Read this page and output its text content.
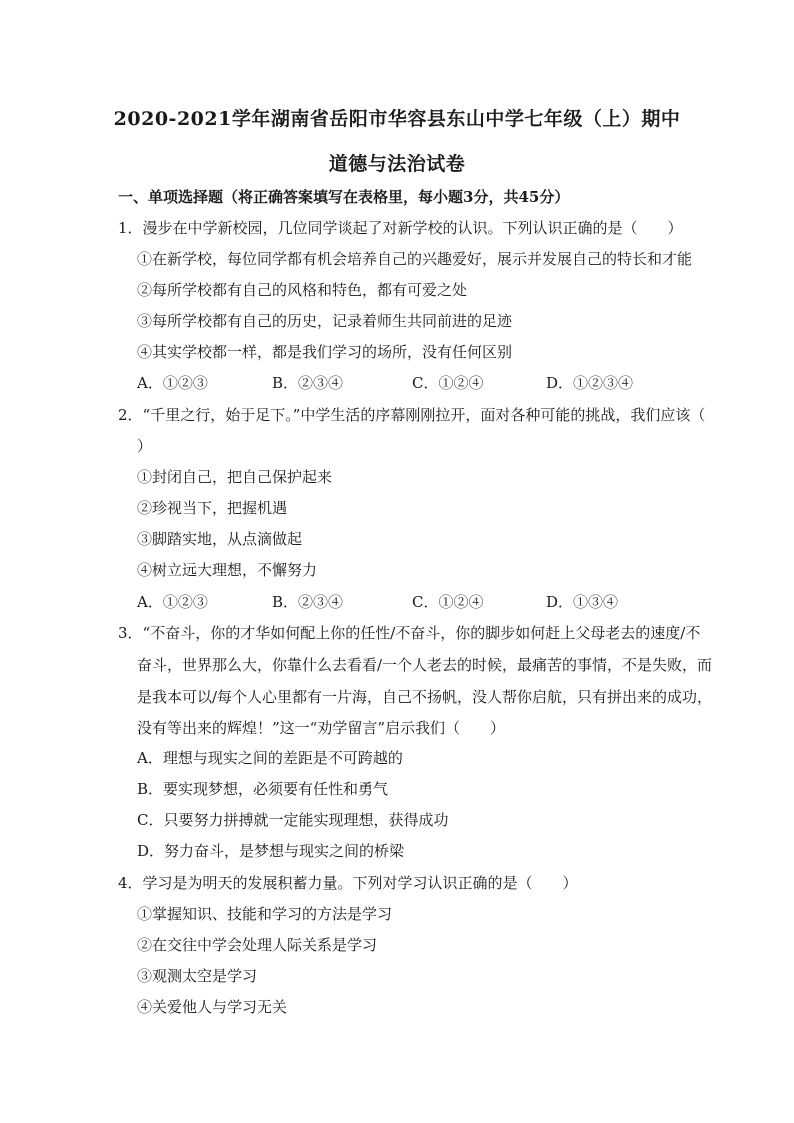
2020-2021学年湖南省岳阳市华容县东山中学七年级（上）期中
道德与法治试卷
一、单项选择题（将正确答案填写在表格里，每小题3分，共45分）
1．漫步在中学新校园，几位同学谈起了对新学校的认识。下列认识正确的是（　　）
①在新学校，每位同学都有机会培养自己的兴趣爱好，展示并发展自己的特长和才能
②每所学校都有自己的风格和特色，都有可爱之处
③每所学校都有自己的历史，记录着师生共同前进的足迹
④其实学校都一样，都是我们学习的场所，没有任何区别
A．①②③	B．②③④	C．①②④	D．①②③④
2．“千里之行，始于足下。”中学生活的序幕刚刚拉开，面对各种可能的挑战，我们应该（
）
①封闭自己，把自己保护起来
②珍视当下，把握机遇
③脚踏实地，从点滴做起
④树立远大理想，不懈努力
A．①②③	B．②③④	C．①②④	D．①③④
3．“不奋斗，你的才华如何配上你的任性/不奋斗，你的脚步如何赶上父母老去的速度/不
奋斗，世界那么大，你靠什么去看看/一个人老去的时候，最痛苦的事情，不是失败，而
是我本可以/每个人心里都有一片海，自己不扬帆，没人帮你启航，只有拼出来的成功，
没有等出来的辉煌！”这一“劝学留言”启示我们（　　）
A．理想与现实之间的差距是不可跨越的
B．要实现梦想，必须要有任性和勇气
C．只要努力拼搏就一定能实现理想，获得成功
D．努力奋斗，是梦想与现实之间的桥梁
4．学习是为明天的发展积蓄力量。下列对学习认识正确的是（　　）
①掌握知识、技能和学习的方法是学习
②在交往中学会处理人际关系是学习
③观测太空是学习
④关爱他人与学习无关
